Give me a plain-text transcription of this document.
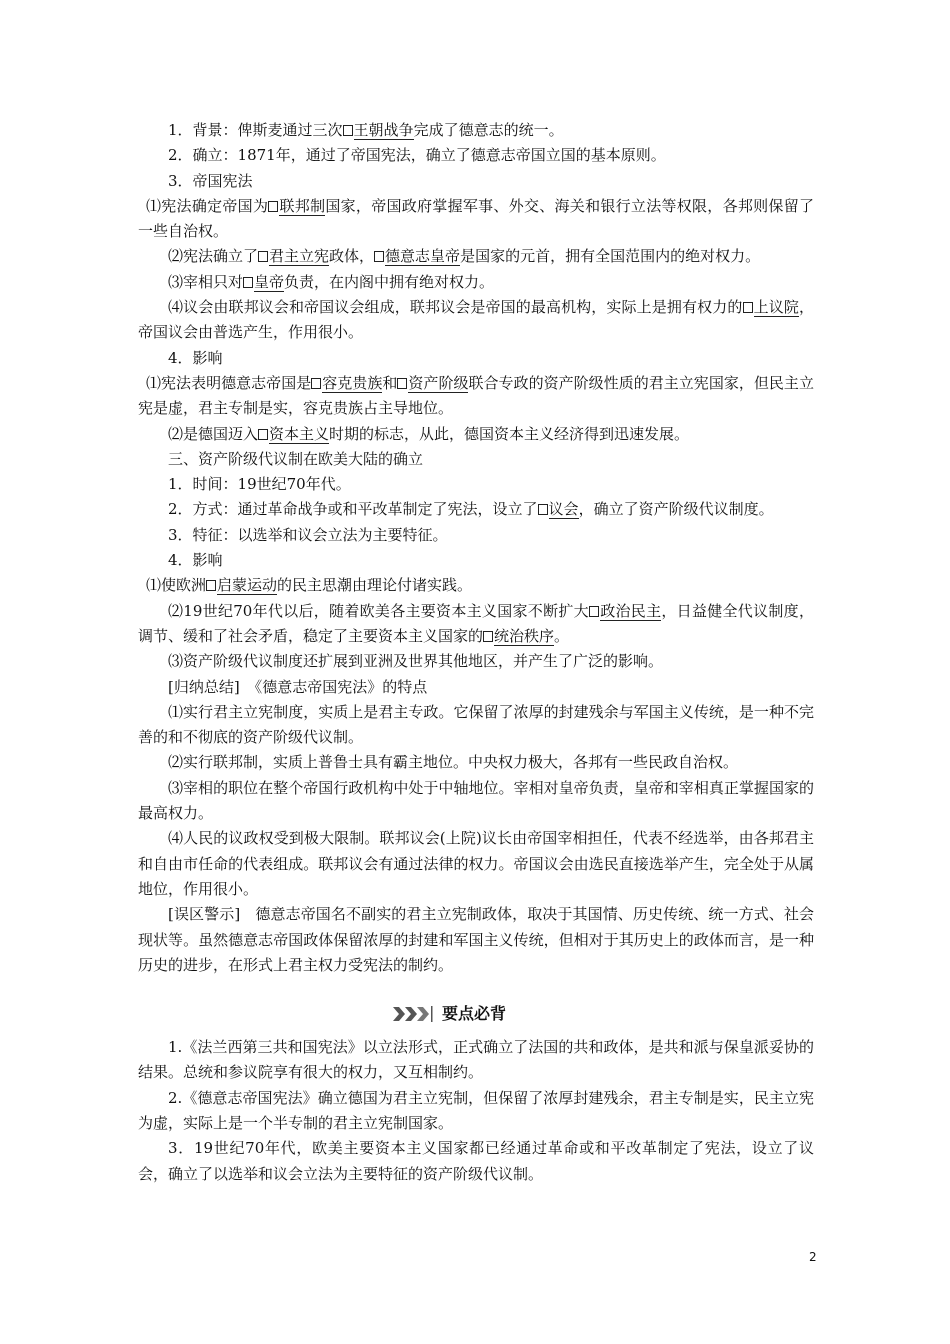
1．背景：俾斯麦通过三次 王朝战争完成了德意志的统一。

2．确立：1871年，通过了帝国宪法，确立了德意志帝国立国的基本原则。

3．帝国宪法

⑴宪法确定帝国为 联邦制国家，帝国政府掌握军事、外交、海关和银行立法等权限，各邦则保留了一些自治权。

⑵宪法确立了 君主立宪政体， 德意志皇帝是国家的元首，拥有全国范围内的绝对权力。

⑶宰相只对 皇帝负责，在内阁中拥有绝对权力。

⑷议会由联邦议会和帝国议会组成，联邦议会是帝国的最高机构，实际上是拥有权力的 上议院，帝国议会由普选产生，作用很小。

4．影响

⑴宪法表明德意志帝国是 容克贵族和 资产阶级联合专政的资产阶级性质的君主立宪国家，但民主立宪是虚，君主专制是实，容克贵族占主导地位。

⑵是德国迈入 资本主义时期的标志，从此，德国资本主义经济得到迅速发展。

三、资产阶级代议制在欧美大陆的确立

1．时间：19世纪70年代。

2．方式：通过革命战争或和平改革制定了宪法，设立了 议会，确立了资产阶级代议制度。

3．特征：以选举和议会立法为主要特征。

4．影响

⑴使欧洲 启蒙运动的民主思潮由理论付诸实践。

⑵19世纪70年代以后，随着欧美各主要资本主义国家不断扩大 政治民主，日益健全代议制度，调节、缓和了社会矛盾，稳定了主要资本主义国家的 统治秩序。

⑶资产阶级代议制度还扩展到亚洲及世界其他地区，并产生了广泛的影响。

[归纳总结]　《德意志帝国宪法》的特点

⑴实行君主立宪制度，实质上是君主专政。它保留了浓厚的封建残余与军国主义传统，是一种不完善的和不彻底的资产阶级代议制。

⑵实行联邦制，实质上普鲁士具有霸主地位。中央权力极大，各邦有一些民政自治权。

⑶宰相的职位在整个帝国行政机构中处于中轴地位。宰相对皇帝负责，皇帝和宰相真正掌握国家的最高权力。

⑷人民的议政权受到极大限制。联邦议会(上院)议长由帝国宰相担任，代表不经选举，由各邦君主和自由市任命的代表组成。联邦议会有通过法律的权力。帝国议会由选民直接选举产生，完全处于从属地位，作用很小。

[误区警示]　德意志帝国名不副实的君主立宪制政体，取决于其国情、历史传统、统一方式、社会现状等。虽然德意志帝国政体保留浓厚的封建和军国主义传统，但相对于其历史上的政体而言，是一种历史的进步，在形式上君主权力受宪法的制约。

要点必背

1.《法兰西第三共和国宪法》以立法形式，正式确立了法国的共和政体，是共和派与保皇派妥协的结果。总统和参议院享有很大的权力，又互相制约。

2.《德意志帝国宪法》确立德国为君主立宪制，但保留了浓厚封建残余，君主专制是实，民主立宪为虚，实际上是一个半专制的君主立宪制国家。

3．19世纪70年代，欧美主要资本主义国家都已经通过革命或和平改革制定了宪法，设立了议会，确立了以选举和议会立法为主要特征的资产阶级代议制。

2
